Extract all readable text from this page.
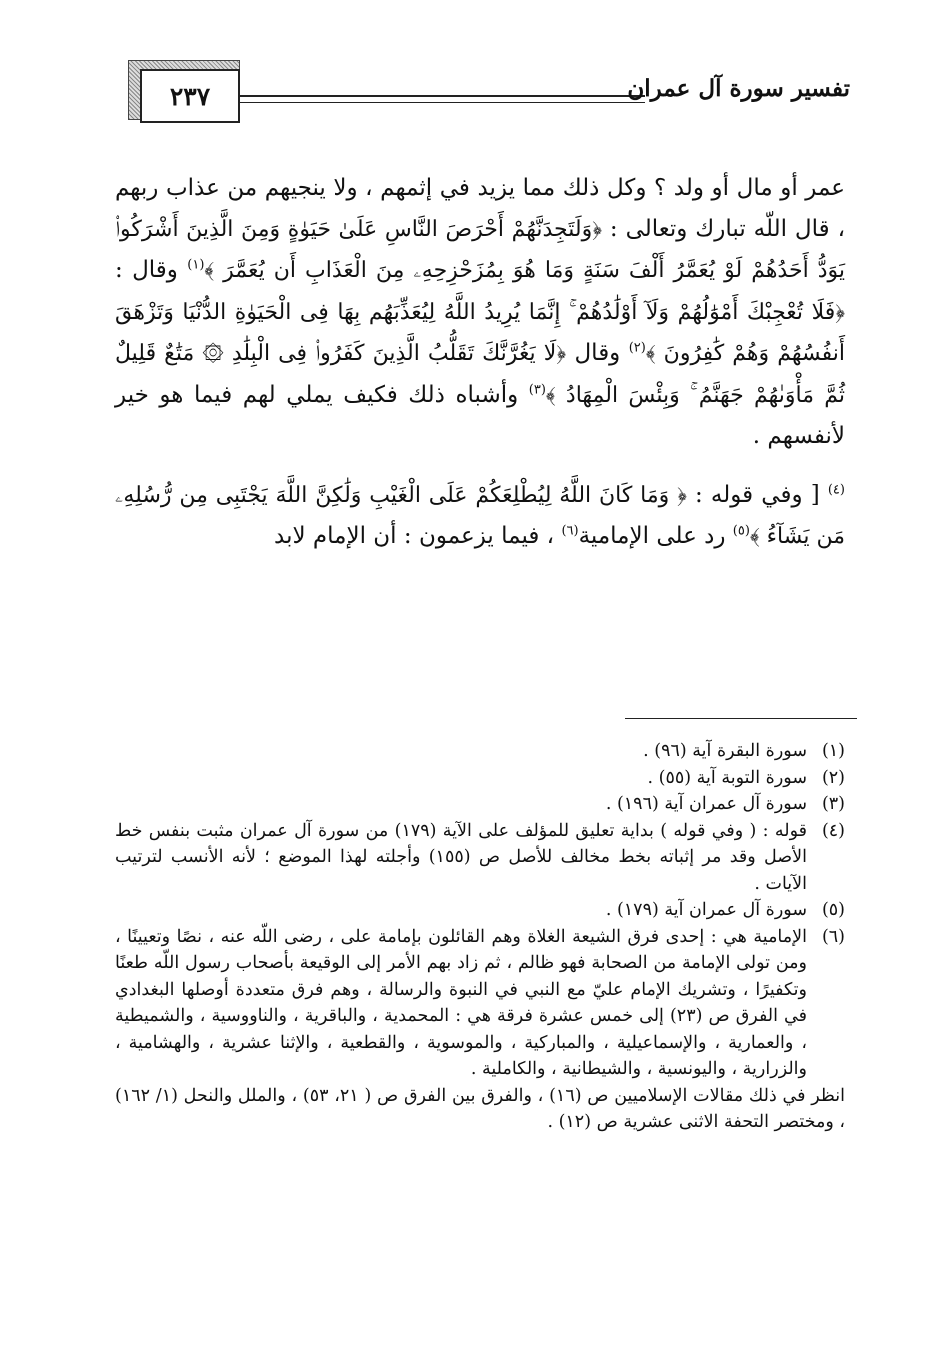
٢٣٧	تفسير سورة آل عمران

عمر أو مال أو ولد ؟ وكل ذلك مما يزيد في إثمهم ، ولا ينجيهم من عذاب ربهم ، قال اللّه تبارك وتعالى : ﴿وَلَتَجِدَنَّهُمْ أَحْرَصَ النَّاسِ عَلَىٰ حَيَوٰةٍ وَمِنَ الَّذِينَ أَشْرَكُوا۟ يَوَدُّ أَحَدُهُمْ لَوْ يُعَمَّرُ أَلْفَ سَنَةٍ وَمَا هُوَ بِمُزَحْزِحِهِۦ مِنَ الْعَذَابِ أَن يُعَمَّرَ ﴾$^{(١)}$ وقال : ﴿فَلَا تُعْجِبْكَ أَمْوَٰلُهُمْ وَلَآ أَوْلَٰدُهُمْ ۚ إِنَّمَا يُرِيدُ اللَّهُ لِيُعَذِّبَهُم بِهَا فِى الْحَيَوٰةِ الدُّنْيَا وَتَزْهَقَ أَنفُسُهُمْ وَهُمْ كَٰفِرُونَ ﴾$^{(٢)}$ وقال ﴿لَا يَغُرَّنَّكَ تَقَلُّبُ الَّذِينَ كَفَرُوا۟ فِى الْبِلَٰدِ ۞ مَتَٰعٌ قَلِيلٌ ثُمَّ مَأْوَىٰهُمْ جَهَنَّمُ ۚ وَبِئْسَ الْمِهَادُ ﴾$^{(٣)}$ وأشباه ذلك فكيف يملي لهم فيما هو خير لأنفسهم .

$^{(٤)}$ [ وفي قوله : ﴿ وَمَا كَانَ اللَّهُ لِيُطْلِعَكُمْ عَلَى الْغَيْبِ وَلَٰكِنَّ اللَّهَ يَجْتَبِى مِن رُّسُلِهِۦ مَن يَشَآءُ ﴾$^{(٥)}$ رد على الإمامية$^{(٦)}$ ، فيما يزعمون : أن الإمام لابد

(١)
سورة البقرة آية (٩٦) .
(٢)
سورة التوبة آية (٥٥) .
(٣)
سورة آل عمران آية (١٩٦) .
(٤)
قوله : ( وفي قوله ) بداية تعليق للمؤلف على الآية (١٧٩) من سورة آل عمران مثبت بنفس خط الأصل وقد مر إثباته بخط مخالف للأصل ص (١٥٥) وأجلته لهذا الموضع ؛ لأنه الأنسب لترتيب الآيات .
(٥)
سورة آل عمران آية (١٧٩) .
(٦)
الإمامية هي : إحدى فرق الشيعة الغلاة وهم القائلون بإمامة على ، رضى اللّه عنه ، نصًا وتعيينًا ، ومن تولى الإمامة من الصحابة فهو ظالم ، ثم زاد بهم الأمر إلى الوقيعة بأصحاب رسول اللّه طعنًا وتكفيرًا ، وتشريك الإمام عليّ مع النبي في النبوة والرسالة ، وهم فرق متعددة أوصلها البغدادي في الفرق ص (٢٣) إلى خمس عشرة فرقة هي : المحمدية ، والباقرية ، والناووسية ، والشميطية ، والعمارية ، والإسماعيلية ، والمباركية ، والموسوية ، والقطعية ، والإثنا عشرية ، والهشامية ، والزرارية ، واليونسية ، والشيطانية ، والكاملية .
انظر في ذلك مقالات الإسلاميين ص (١٦) ، والفرق بين الفرق ص ( ٢١، ٥٣) ، والملل والنحل (١/ ١٦٢) ، ومختصر التحفة الاثنى عشرية ص (١٢) .
